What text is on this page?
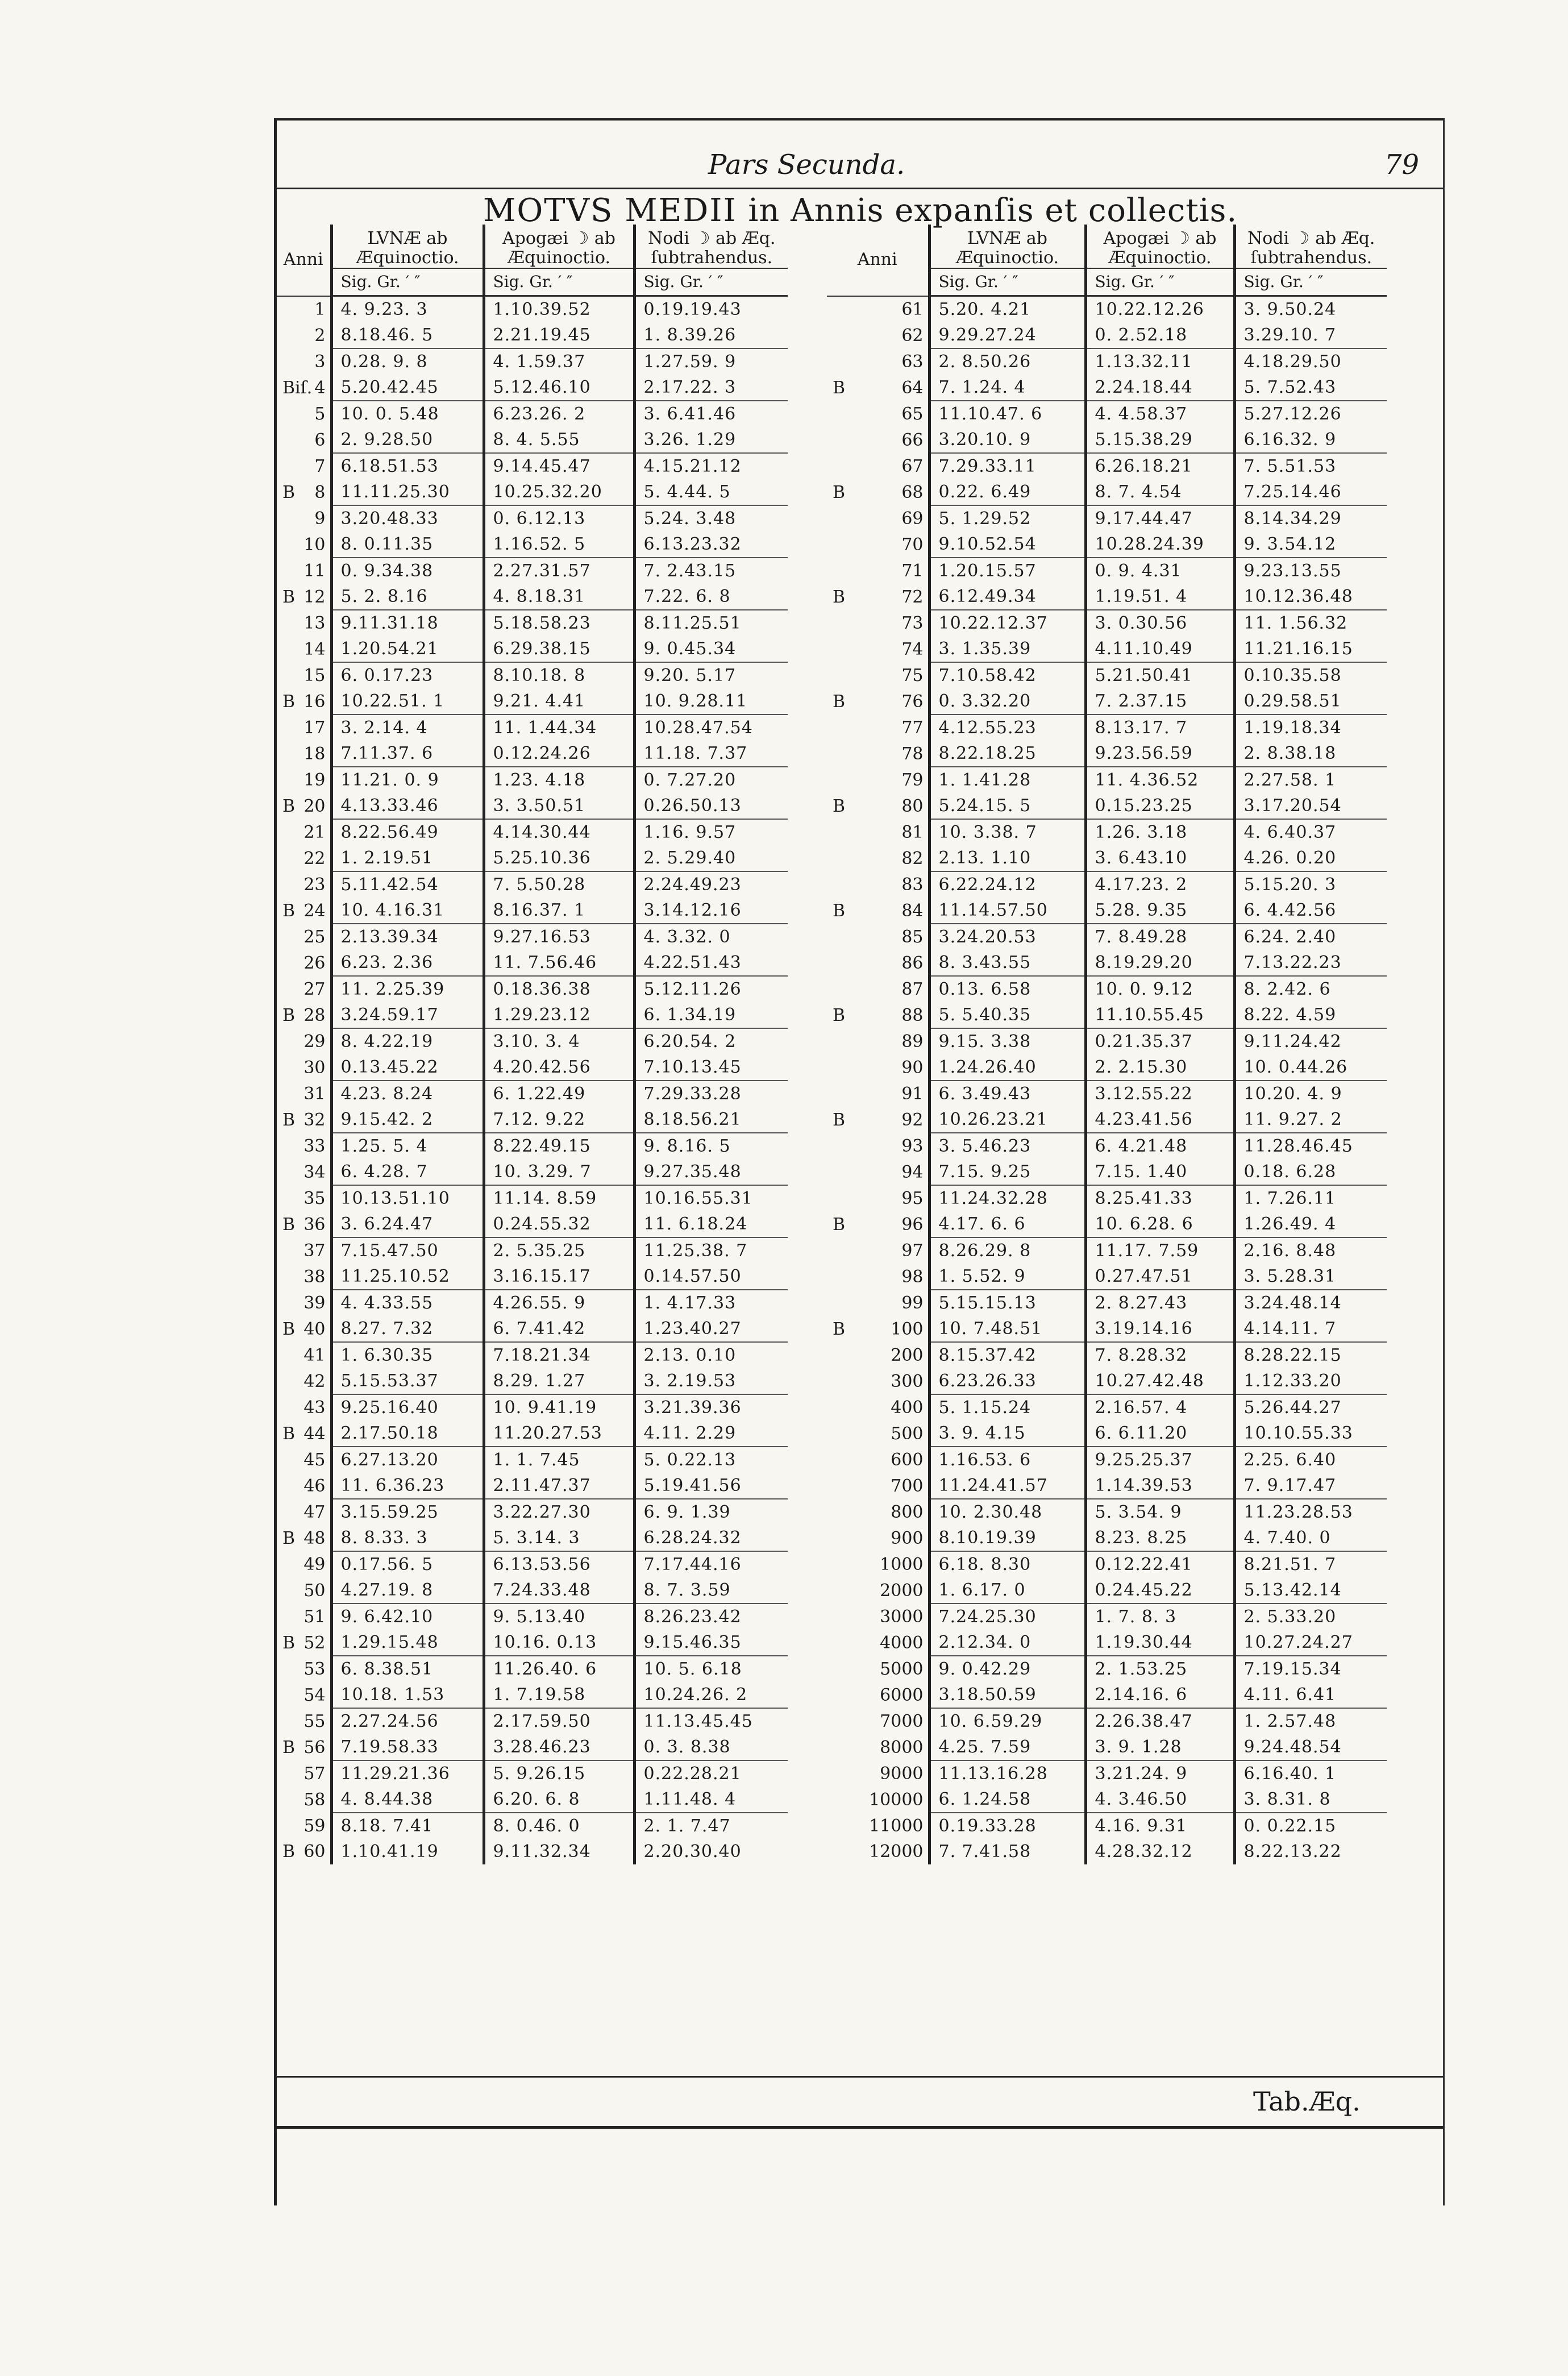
Pars Secunda.	79
MOTVS MEDII in Annis expanſis et collectis.
Anni	LVNÆ ab Æquinoctio.	Apogæi ☽ ab Æquinoctio.	Nodi ☽ ab Æq. ſubtrahendus.

	Sig. Gr. ′ ″	Sig. Gr. ′ ″	Sig. Gr. ′ ″
1	4. 9.23. 3	1.10.39.52	0.19.19.43
2	8.18.46. 5	2.21.19.45	1. 8.39.26
3	0.28. 9. 8	4. 1.59.37	1.27.59. 9

Biſ. 4	5.20.42.45	5.12.46.10	2.17.22. 3
5	10. 0. 5.48	6.23.26. 2	3. 6.41.46
6	2. 9.28.50	8. 4. 5.55	3.26. 1.29
7	6.18.51.53	9.14.45.47	4.15.21.12

B 8	11.11.25.30	10.25.32.20	5. 4.44. 5
9	3.20.48.33	0. 6.12.13	5.24. 3.48
10	8. 0.11.35	1.16.52. 5	6.13.23.32
11	0. 9.34.38	2.27.31.57	7. 2.43.15

B 12	5. 2. 8.16	4. 8.18.31	7.22. 6. 8
13	9.11.31.18	5.18.58.23	8.11.25.51
14	1.20.54.21	6.29.38.15	9. 0.45.34
15	6. 0.17.23	8.10.18. 8	9.20. 5.17

B 16	10.22.51. 1	9.21. 4.41	10. 9.28.11
17	3. 2.14. 4	11. 1.44.34	10.28.47.54
18	7.11.37. 6	0.12.24.26	11.18. 7.37
19	11.21. 0. 9	1.23. 4.18	0. 7.27.20

B 20	4.13.33.46	3. 3.50.51	0.26.50.13
21	8.22.56.49	4.14.30.44	1.16. 9.57
22	1. 2.19.51	5.25.10.36	2. 5.29.40
23	5.11.42.54	7. 5.50.28	2.24.49.23

B 24	10. 4.16.31	8.16.37. 1	3.14.12.16
25	2.13.39.34	9.27.16.53	4. 3.32. 0
26	6.23. 2.36	11. 7.56.46	4.22.51.43
27	11. 2.25.39	0.18.36.38	5.12.11.26

B 28	3.24.59.17	1.29.23.12	6. 1.34.19
29	8. 4.22.19	3.10. 3. 4	6.20.54. 2
30	0.13.45.22	4.20.42.56	7.10.13.45
31	4.23. 8.24	6. 1.22.49	7.29.33.28

B 32	9.15.42. 2	7.12. 9.22	8.18.56.21
33	1.25. 5. 4	8.22.49.15	9. 8.16. 5
34	6. 4.28. 7	10. 3.29. 7	9.27.35.48
35	10.13.51.10	11.14. 8.59	10.16.55.31

B 36	3. 6.24.47	0.24.55.32	11. 6.18.24
37	7.15.47.50	2. 5.35.25	11.25.38. 7
38	11.25.10.52	3.16.15.17	0.14.57.50
39	4. 4.33.55	4.26.55. 9	1. 4.17.33

B 40	8.27. 7.32	6. 7.41.42	1.23.40.27
41	1. 6.30.35	7.18.21.34	2.13. 0.10
42	5.15.53.37	8.29. 1.27	3. 2.19.53
43	9.25.16.40	10. 9.41.19	3.21.39.36

B 44	2.17.50.18	11.20.27.53	4.11. 2.29
45	6.27.13.20	1. 1. 7.45	5. 0.22.13
46	11. 6.36.23	2.11.47.37	5.19.41.56
47	3.15.59.25	3.22.27.30	6. 9. 1.39

B 48	8. 8.33. 3	5. 3.14. 3	6.28.24.32
49	0.17.56. 5	6.13.53.56	7.17.44.16
50	4.27.19. 8	7.24.33.48	8. 7. 3.59
51	9. 6.42.10	9. 5.13.40	8.26.23.42

B 52	1.29.15.48	10.16. 0.13	9.15.46.35
53	6. 8.38.51	11.26.40. 6	10. 5. 6.18
54	10.18. 1.53	1. 7.19.58	10.24.26. 2
55	2.27.24.56	2.17.59.50	11.13.45.45

B 56	7.19.58.33	3.28.46.23	0. 3. 8.38
57	11.29.21.36	5. 9.26.15	0.22.28.21
58	4. 8.44.38	6.20. 6. 8	1.11.48. 4
59	8.18. 7.41	8. 0.46. 0	2. 1. 7.47

B 60	1.10.41.19	9.11.32.34	2.20.30.40
Anni	LVNÆ ab Æquinoctio.	Apogæi ☽ ab Æquinoctio.	Nodi ☽ ab Æq. ſubtrahendus.

	Sig. Gr. ′ ″	Sig. Gr. ′ ″	Sig. Gr. ′ ″
61	5.20. 4.21	10.22.12.26	3. 9.50.24
62	9.29.27.24	0. 2.52.18	3.29.10. 7
63	2. 8.50.26	1.13.32.11	4.18.29.50

B 64	7. 1.24. 4	2.24.18.44	5. 7.52.43
65	11.10.47. 6	4. 4.58.37	5.27.12.26
66	3.20.10. 9	5.15.38.29	6.16.32. 9
67	7.29.33.11	6.26.18.21	7. 5.51.53

B 68	0.22. 6.49	8. 7. 4.54	7.25.14.46
69	5. 1.29.52	9.17.44.47	8.14.34.29
70	9.10.52.54	10.28.24.39	9. 3.54.12
71	1.20.15.57	0. 9. 4.31	9.23.13.55

B 72	6.12.49.34	1.19.51. 4	10.12.36.48
73	10.22.12.37	3. 0.30.56	11. 1.56.32
74	3. 1.35.39	4.11.10.49	11.21.16.15
75	7.10.58.42	5.21.50.41	0.10.35.58

B 76	0. 3.32.20	7. 2.37.15	0.29.58.51
77	4.12.55.23	8.13.17. 7	1.19.18.34
78	8.22.18.25	9.23.56.59	2. 8.38.18
79	1. 1.41.28	11. 4.36.52	2.27.58. 1

B 80	5.24.15. 5	0.15.23.25	3.17.20.54
81	10. 3.38. 7	1.26. 3.18	4. 6.40.37
82	2.13. 1.10	3. 6.43.10	4.26. 0.20
83	6.22.24.12	4.17.23. 2	5.15.20. 3

B 84	11.14.57.50	5.28. 9.35	6. 4.42.56
85	3.24.20.53	7. 8.49.28	6.24. 2.40
86	8. 3.43.55	8.19.29.20	7.13.22.23
87	0.13. 6.58	10. 0. 9.12	8. 2.42. 6

B 88	5. 5.40.35	11.10.55.45	8.22. 4.59
89	9.15. 3.38	0.21.35.37	9.11.24.42
90	1.24.26.40	2. 2.15.30	10. 0.44.26
91	6. 3.49.43	3.12.55.22	10.20. 4. 9

B 92	10.26.23.21	4.23.41.56	11. 9.27. 2
93	3. 5.46.23	6. 4.21.48	11.28.46.45
94	7.15. 9.25	7.15. 1.40	0.18. 6.28
95	11.24.32.28	8.25.41.33	1. 7.26.11

B 96	4.17. 6. 6	10. 6.28. 6	1.26.49. 4
97	8.26.29. 8	11.17. 7.59	2.16. 8.48
98	1. 5.52. 9	0.27.47.51	3. 5.28.31
99	5.15.15.13	2. 8.27.43	3.24.48.14

B 100	10. 7.48.51	3.19.14.16	4.14.11. 7
200	8.15.37.42	7. 8.28.32	8.28.22.15
300	6.23.26.33	10.27.42.48	1.12.33.20
400	5. 1.15.24	2.16.57. 4	5.26.44.27
500	3. 9. 4.15	6. 6.11.20	10.10.55.33
600	1.16.53. 6	9.25.25.37	2.25. 6.40
700	11.24.41.57	1.14.39.53	7. 9.17.47
800	10. 2.30.48	5. 3.54. 9	11.23.28.53
900	8.10.19.39	8.23. 8.25	4. 7.40. 0
1000	6.18. 8.30	0.12.22.41	8.21.51. 7
2000	1. 6.17. 0	0.24.45.22	5.13.42.14
3000	7.24.25.30	1. 7. 8. 3	2. 5.33.20
4000	2.12.34. 0	1.19.30.44	10.27.24.27
5000	9. 0.42.29	2. 1.53.25	7.19.15.34
6000	3.18.50.59	2.14.16. 6	4.11. 6.41
7000	10. 6.59.29	2.26.38.47	1. 2.57.48
8000	4.25. 7.59	3. 9. 1.28	9.24.48.54
9000	11.13.16.28	3.21.24. 9	6.16.40. 1
10000	6. 1.24.58	4. 3.46.50	3. 8.31. 8
11000	0.19.33.28	4.16. 9.31	0. 0.22.15
12000	7. 7.41.58	4.28.32.12	8.22.13.22
Tab.Æq.
